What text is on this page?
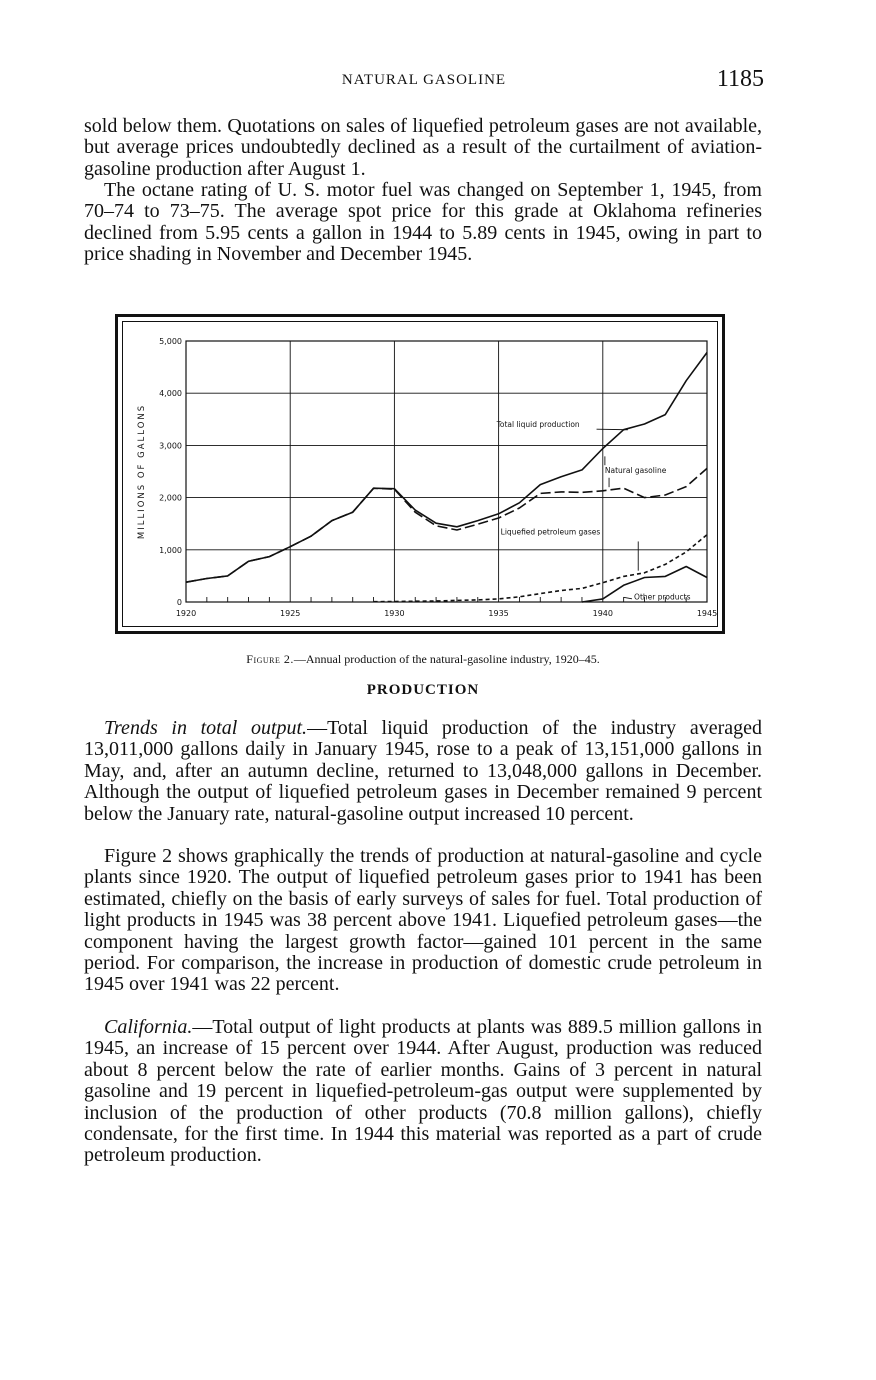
NATURAL GASOLINE	1185

sold below them. Quotations on sales of liquefied petroleum gases are not available, but average prices undoubtedly declined as a result of the curtailment of aviation-gasoline production after August 1.

The octane rating of U. S. motor fuel was changed on September 1, 1945, from 70–74 to 73–75. The average spot price for this grade at Oklahoma refineries declined from 5.95 cents a gallon in 1944 to 5.89 cents in 1945, owing in part to price shading in November and December 1945.

0
1,000
2,000
3,000
4,000
5,000
1920	1925	1930	1935	1940	1945
MILLIONS OF GALLONS	Total liquid production
Natural gasoline
Liquefied petroleum gases
Other products
Figure 2.—Annual production of the natural-gasoline industry, 1920–45.
PRODUCTION

Trends in total output.—Total liquid production of the industry averaged 13,011,000 gallons daily in January 1945, rose to a peak of 13,151,000 gallons in May, and, after an autumn decline, returned to 13,048,000 gallons in December. Although the output of liquefied petroleum gases in December remained 9 percent below the January rate, natural-gasoline output increased 10 percent.

Figure 2 shows graphically the trends of production at natural-gasoline and cycle plants since 1920. The output of liquefied petroleum gases prior to 1941 has been estimated, chiefly on the basis of early surveys of sales for fuel. Total production of light products in 1945 was 38 percent above 1941. Liquefied petroleum gases—the component having the largest growth factor—gained 101 percent in the same period. For comparison, the increase in production of domestic crude petroleum in 1945 over 1941 was 22 percent.

California.—Total output of light products at plants was 889.5 million gallons in 1945, an increase of 15 percent over 1944. After August, production was reduced about 8 percent below the rate of earlier months. Gains of 3 percent in natural gasoline and 19 percent in liquefied-petroleum-gas output were supplemented by inclusion of the production of other products (70.8 million gallons), chiefly condensate, for the first time. In 1944 this material was reported as a part of crude petroleum production.
